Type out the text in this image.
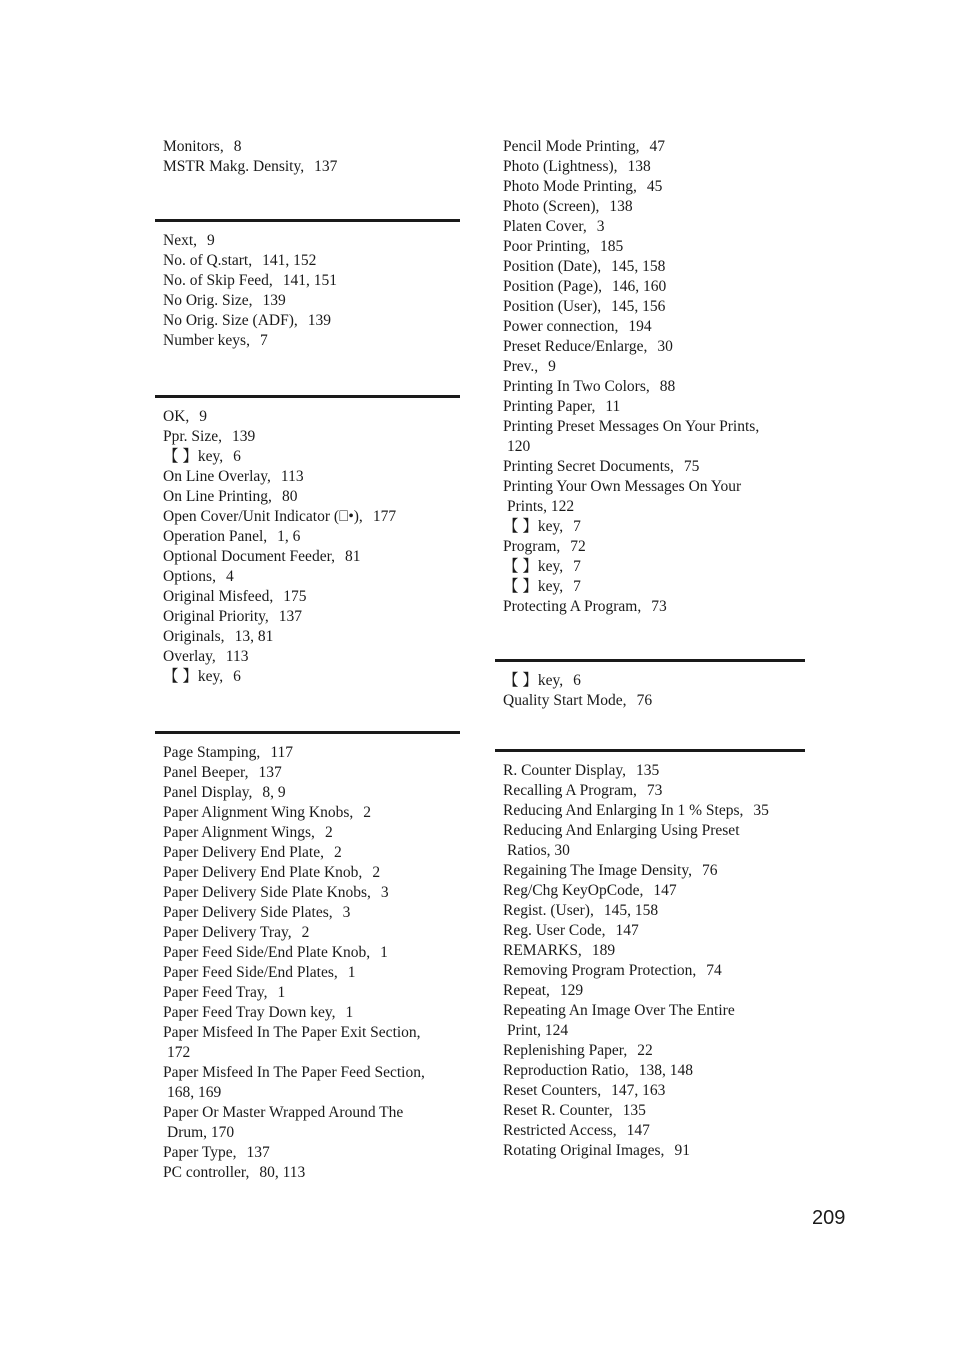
Monitors, 8
MSTR Makg. Density, 137
Next, 9
No. of Q.start, 141, 152
No. of Skip Feed, 141, 151
No Orig. Size, 139
No Orig. Size (ADF), 139
Number keys, 7
OK, 9
Ppr. Size, 139
【 】key, 6
On Line Overlay, 113
On Line Printing, 80
Open Cover/Unit Indicator (⎕•), 177
Operation Panel, 1, 6
Optional Document Feeder, 81
Options, 4
Original Misfeed, 175
Original Priority, 137
Originals, 13, 81
Overlay, 113
【 】key, 6
Page Stamping, 117
Panel Beeper, 137
Panel Display, 8, 9
Paper Alignment Wing Knobs, 2
Paper Alignment Wings, 2
Paper Delivery End Plate, 2
Paper Delivery End Plate Knob, 2
Paper Delivery Side Plate Knobs, 3
Paper Delivery Side Plates, 3
Paper Delivery Tray, 2
Paper Feed Side/End Plate Knob, 1
Paper Feed Side/End Plates, 1
Paper Feed Tray, 1
Paper Feed Tray Down key, 1
Paper Misfeed In The Paper Exit Section,
172
Paper Misfeed In The Paper Feed Section,
168, 169
Paper Or Master Wrapped Around The
Drum, 170
Paper Type, 137
PC controller, 80, 113
Pencil Mode Printing, 47
Photo (Lightness), 138
Photo Mode Printing, 45
Photo (Screen), 138
Platen Cover, 3
Poor Printing, 185
Position (Date), 145, 158
Position (Page), 146, 160
Position (User), 145, 156
Power connection, 194
Preset Reduce/Enlarge, 30
Prev., 9
Printing In Two Colors, 88
Printing Paper, 11
Printing Preset Messages On Your Prints,
120
Printing Secret Documents, 75
Printing Your Own Messages On Your
Prints, 122
【 】key, 7
Program, 72
【 】key, 7
【 】key, 7
Protecting A Program, 73
【 】key, 6
Quality Start Mode, 76
R. Counter Display, 135
Recalling A Program, 73
Reducing And Enlarging In 1 % Steps, 35
Reducing And Enlarging Using Preset
Ratios, 30
Regaining The Image Density, 76
Reg/Chg KeyOpCode, 147
Regist. (User), 145, 158
Reg. User Code, 147
REMARKS, 189
Removing Program Protection, 74
Repeat, 129
Repeating An Image Over The Entire
Print, 124
Replenishing Paper, 22
Reproduction Ratio, 138, 148
Reset Counters, 147, 163
Reset R. Counter, 135
Restricted Access, 147
Rotating Original Images, 91
209
